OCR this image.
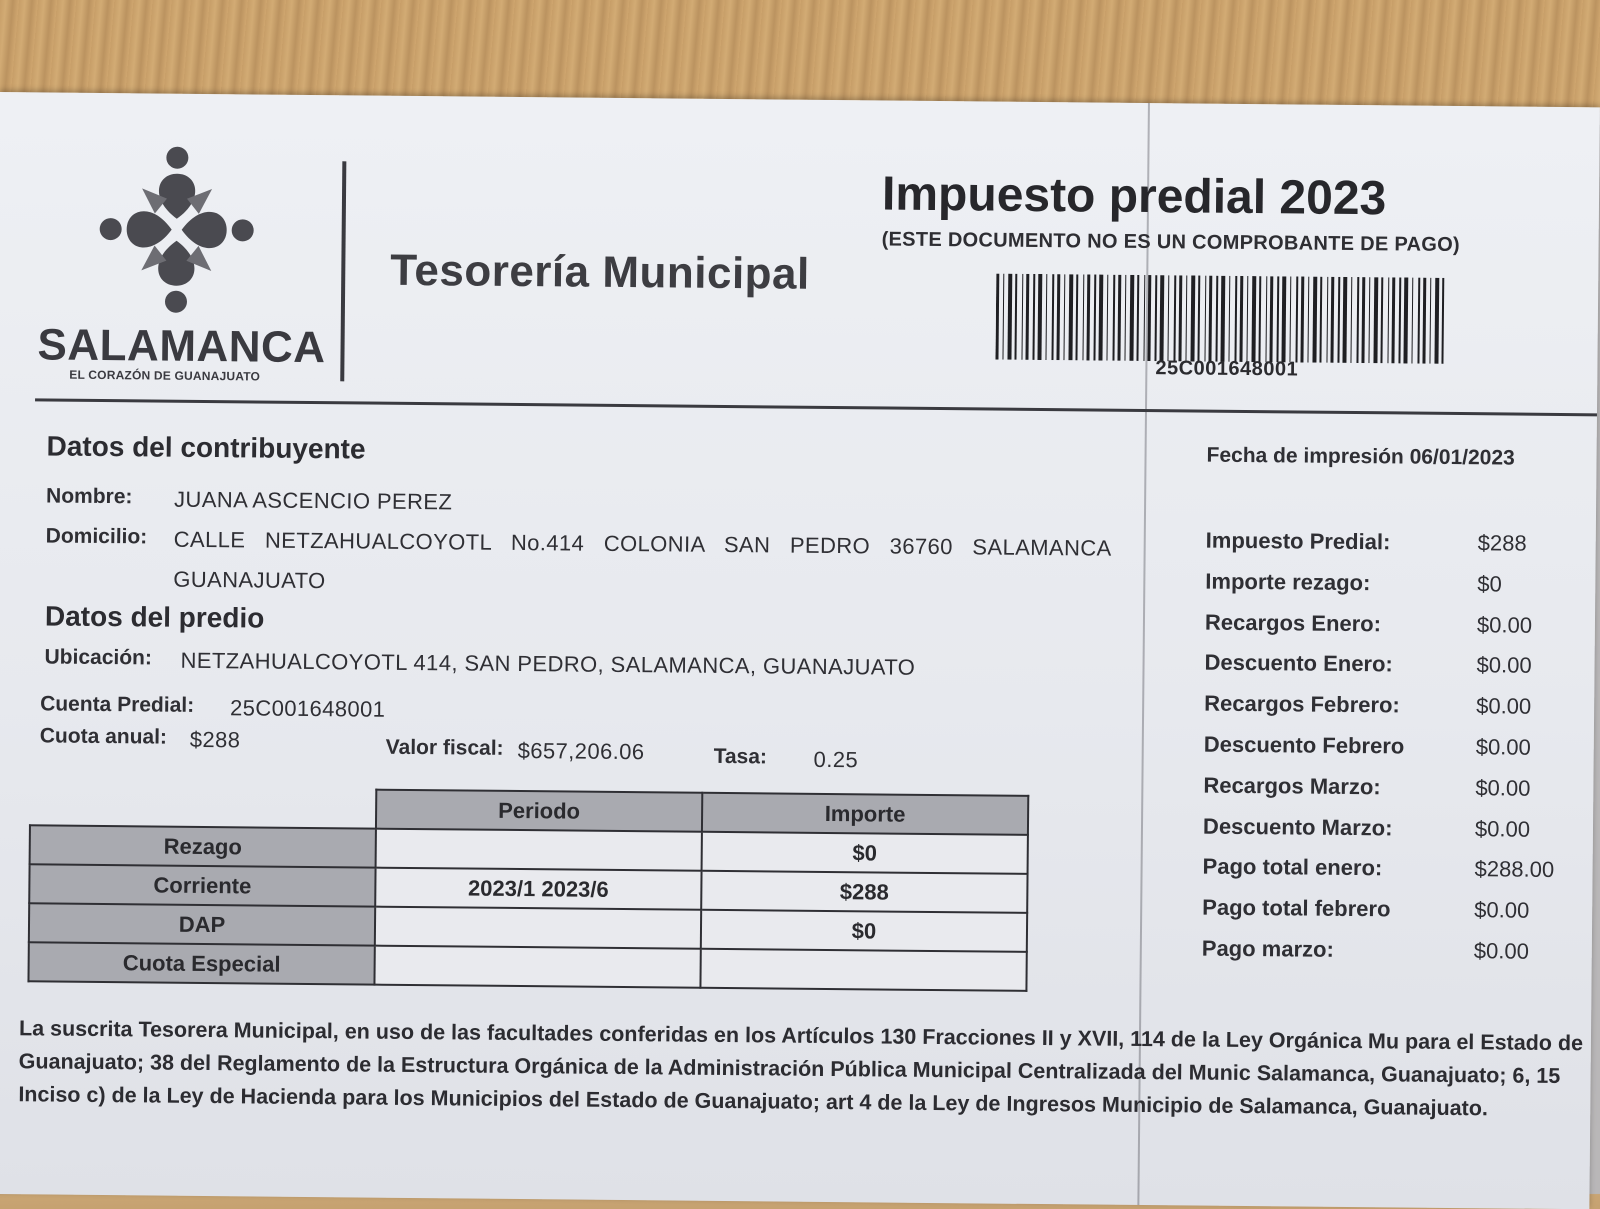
SALAMANCA
EL CORAZÓN DE GUANAJUATO
Tesorería Municipal
Impuesto predial 2023
(ESTE DOCUMENTO NO ES UN COMPROBANTE DE PAGO)
25C001648001
Datos del contribuyente
Nombre: JUANA ASCENCIO PEREZ
Domicilio: CALLE   NETZAHUALCOYOTL   No.414   COLONIA   SAN   PEDRO   36760   SALAMANCA
GUANAJUATO
Datos del predio
Ubicación: NETZAHUALCOYOTL 414, SAN PEDRO, SALAMANCA, GUANAJUATO
Cuenta Predial: 25C001648001
Cuota anual: $288	Valor fiscal: $657,206.06	Tasa: 0.25
	Periodo	Importe
Rezago		$0
Corriente	2023/1 2023/6	$288
DAP		$0
Cuota Especial		
Fecha de impresión 06/01/2023
Impuesto Predial:	$288
Importe rezago:	$0
Recargos Enero:	$0.00
Descuento Enero:	$0.00
Recargos Febrero:	$0.00
Descuento Febrero	$0.00
Recargos Marzo:	$0.00
Descuento Marzo:	$0.00
Pago total enero:	$288.00
Pago total febrero	$0.00
Pago marzo:	$0.00
La suscrita Tesorera Municipal, en uso de las facultades conferidas en los Artículos 130 Fracciones II y XVII, 114 de la Ley Orgánica Mu para el Estado de Guanajuato; 38 del Reglamento de la Estructura Orgánica de la Administración Pública Municipal Centralizada del Munic Salamanca, Guanajuato; 6, 15 Inciso c) de la Ley de Hacienda para los Municipios del Estado de Guanajuato; art 4 de la Ley de Ingresos Municipio de Salamanca, Guanajuato.
